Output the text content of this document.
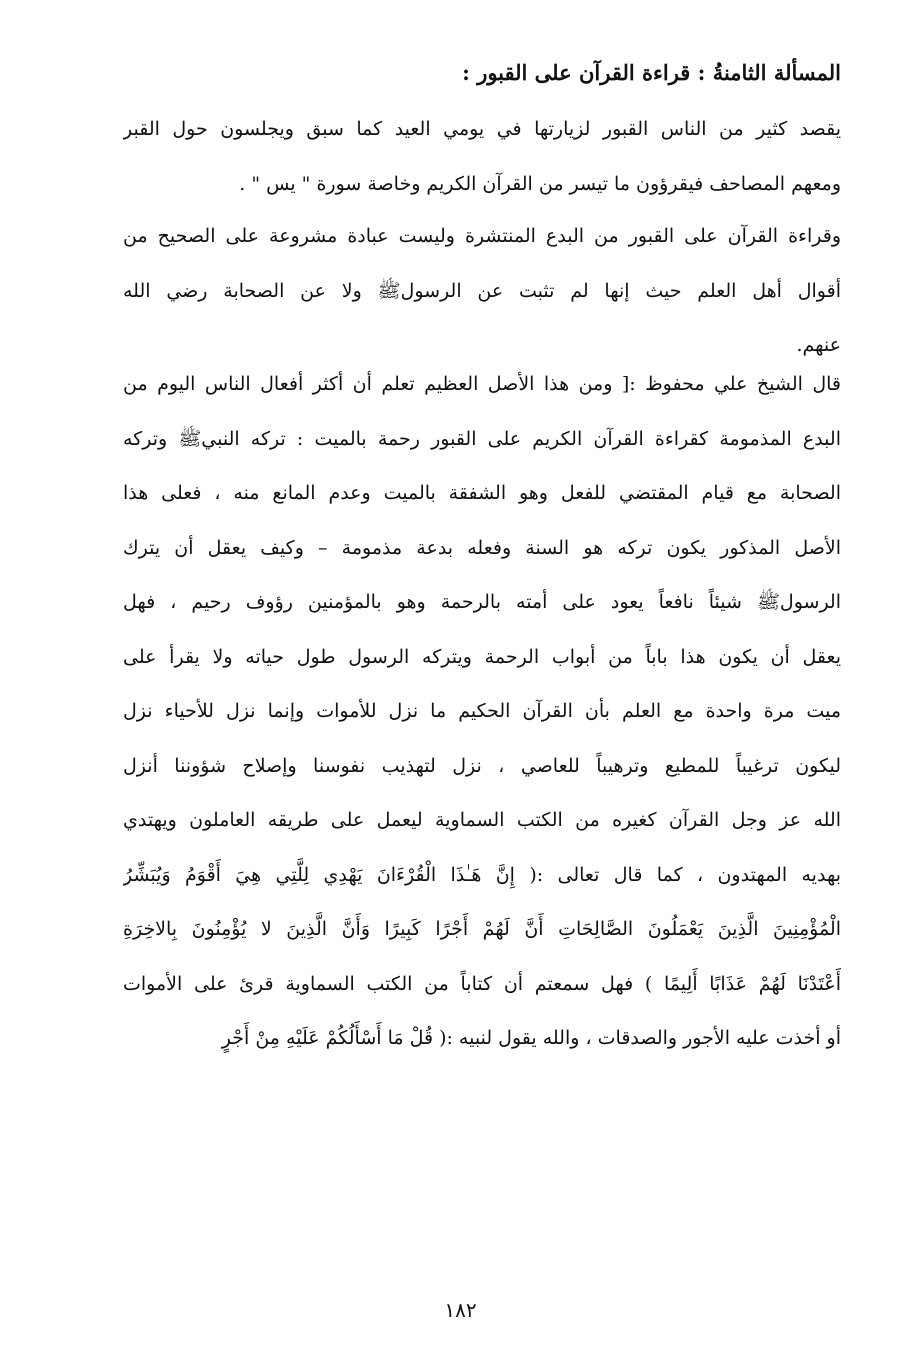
المسألة الثامنةُ : قراءة القرآن على القبور :
يقصد كثير من الناس القبور لزيارتها في يومي العيد كما سبق ويجلسون حول القبر
ومعهم المصاحف فيقرؤون ما تيسر من القرآن الكريم وخاصة سورة " يس " .
وقراءة القرآن على القبور من البدع المنتشرة وليست عبادة مشروعة على الصحيح من
أقوال أهل العلم حيث إنها لم تثبت عن الرسولﷺ ولا عن الصحابة رضي الله
عنهم.
قال الشيخ علي محفوظ :[ ومن هذا الأصل العظيم تعلم أن أكثر أفعال الناس اليوم من
البدع المذمومة كقراءة القرآن الكريم على القبور رحمة بالميت : تركه النبيﷺ وتركه
الصحابة مع قيام المقتضي للفعل وهو الشفقة بالميت وعدم المانع منه ، فعلى هذا
الأصل المذكور يكون تركه هو السنة وفعله بدعة مذمومة – وكيف يعقل أن يترك
الرسولﷺ شيئاً نافعاً يعود على أمته بالرحمة وهو بالمؤمنين رؤوف رحيم ، فهل
يعقل أن يكون هذا باباً من أبواب الرحمة ويتركه الرسول طول حياته ولا يقرأ على
ميت مرة واحدة مع العلم بأن القرآن الحكيم ما نزل للأموات وإنما نزل للأحياء نزل
ليكون ترغيباً للمطيع وترهيباً للعاصي ، نزل لتهذيب نفوسنا وإصلاح شؤوننا أنزل
الله عز وجل القرآن كغيره من الكتب السماوية ليعمل على طريقه العاملون ويهتدي
بهديه المهتدون ، كما قال تعالى :( إِنَّ هَـٰذَا الْقُرْءَانَ يَهْدِي لِلَّتِي هِيَ أَقْوَمُ وَيُبَشِّرُ
الْمُؤْمِنِينَ الَّذِينَ يَعْمَلُونَ الصَّالِحَاتِ أَنَّ لَهُمْ أَجْرًا كَبِيرًا وَأَنَّ الَّذِينَ لا يُؤْمِنُونَ بِالاخِرَةِ
أَعْتَدْنَا لَهُمْ عَذَابًا أَلِيمًا ) فهل سمعتم أن كتاباً من الكتب السماوية قرئ على الأموات
أو أخذت عليه الأجور والصدقات ، والله يقول لنبيه :( قُلْ مَا أَسْأَلُكُمْ عَلَيْهِ مِنْ أَجْرٍ
١٨٢
